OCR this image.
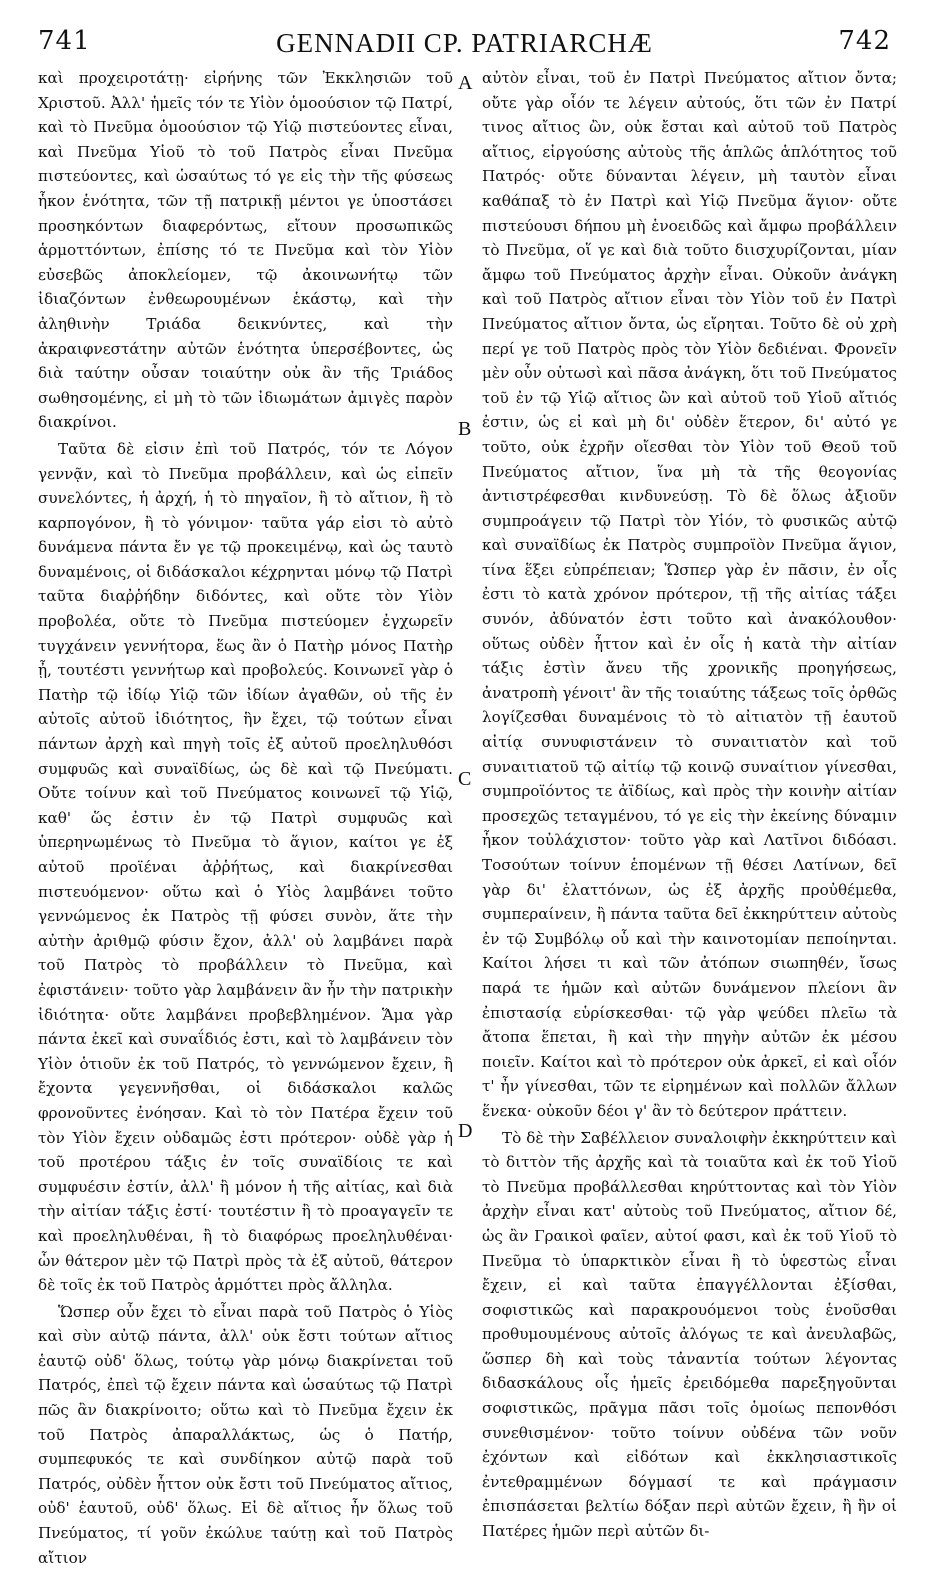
741	GENNADII CP. PATRIARCHÆ	742

καὶ προχειροτάτῃ· εἰρήνης τῶν Ἐκκλησιῶν τοῦ Χριστοῦ. Ἀλλ' ἡμεῖς τόν τε Υἱὸν ὁμοούσιον τῷ Πατρί, καὶ τὸ Πνεῦμα ὁμοούσιον τῷ Υἱῷ πιστεύοντες εἶναι, καὶ Πνεῦμα Υἱοῦ τὸ τοῦ Πατρὸς εἶναι Πνεῦμα πιστεύοντες, καὶ ὡσαύτως τό γε εἰς τὴν τῆς φύσεως ἧκον ἑνότητα, τῶν τῇ πατρικῇ μέντοι γε ὑποστάσει προσηκόντων διαφερόντως, εἴτουν προσωπικῶς ἁρμοττόντων, ἐπίσης τό τε Πνεῦμα καὶ τὸν Υἱὸν εὐσεβῶς ἀποκλείομεν, τῷ ἀκοινωνήτῳ τῶν ἰδιαζόντων ἐνθεωρουμένων ἑκάστῳ, καὶ τὴν ἀληθινὴν Τριάδα δεικνύντες, καὶ τὴν ἀκραιφνεστάτην αὐτῶν ἑνότητα ὑπερσέβοντες, ὡς διὰ ταύτην οὖσαν τοιαύτην οὐκ ἂν τῆς Τριάδος σωθησομένης, εἰ μὴ τὸ τῶν ἰδιωμάτων ἀμιγὲς παρὸν διακρίνοι.

Ταῦτα δὲ εἰσιν ἐπὶ τοῦ Πατρός, τόν τε Λόγον γεννᾷν, καὶ τὸ Πνεῦμα προβάλλειν, καὶ ὡς εἰπεῖν συνελόντες, ἡ ἀρχή, ἡ τὸ πηγαῖον, ἢ τὸ αἴτιον, ἢ τὸ καρπογόνον, ἢ τὸ γόνιμον· ταῦτα γάρ εἰσι τὸ αὐτὸ δυνάμενα πάντα ἔν γε τῷ προκειμένῳ, καὶ ὡς ταυτὸ δυναμένοις, οἱ διδάσκαλοι κέχρηνται μόνῳ τῷ Πατρὶ ταῦτα διαῤῥήδην διδόντες, καὶ οὔτε τὸν Υἱὸν προβολέα, οὔτε τὸ Πνεῦμα πιστεύομεν ἐγχωρεῖν τυγχάνειν γεννήτορα, ἕως ἂν ὁ Πατὴρ μόνος Πατὴρ ᾖ, τουτέστι γεννήτωρ καὶ προβολεύς. Κοινωνεῖ γὰρ ὁ Πατὴρ τῷ ἰδίῳ Υἱῷ τῶν ἰδίων ἀγαθῶν, οὐ τῆς ἐν αὐτοῖς αὐτοῦ ἰδιότητος, ἣν ἔχει, τῷ τούτων εἶναι πάντων ἀρχὴ καὶ πηγὴ τοῖς ἐξ αὐτοῦ προεληλυθόσι συμφυῶς καὶ συναϊδίως, ὡς δὲ καὶ τῷ Πνεύματι. Οὔτε τοίνυν καὶ τοῦ Πνεύματος κοινωνεῖ τῷ Υἱῷ, καθ' ὥς ἐστιν ἐν τῷ Πατρὶ συμφυῶς καὶ ὑπερηνωμένως τὸ Πνεῦμα τὸ ἅγιον, καίτοι γε ἐξ αὐτοῦ προϊέναι ἀῤῥήτως, καὶ διακρίνεσθαι πιστευόμενον· οὕτω καὶ ὁ Υἱὸς λαμβάνει τοῦτο γεννώμενος ἐκ Πατρὸς τῇ φύσει συνὸν, ἅτε τὴν αὐτὴν ἀριθμῷ φύσιν ἔχον, ἀλλ' οὐ λαμβάνει παρὰ τοῦ Πατρὸς τὸ προβάλλειν τὸ Πνεῦμα, καὶ ἐφιστάνειν· τοῦτο γὰρ λαμβάνειν ἂν ἦν τὴν πατρικὴν ἰδιότητα· οὔτε λαμβάνει προβεβλημένον. Ἅμα γὰρ πάντα ἐκεῖ καὶ συναΐδιός ἐστι, καὶ τὸ λαμβάνειν τὸν Υἱὸν ὁτιοῦν ἐκ τοῦ Πατρός, τὸ γεννώμενον ἔχειν, ἢ ἔχοντα γεγεννῆσθαι, οἱ διδάσκαλοι καλῶς φρονοῦντες ἐνόησαν. Καὶ τὸ τὸν Πατέρα ἔχειν τοῦ τὸν Υἱὸν ἔχειν οὐδαμῶς ἐστι πρότερον· οὐδὲ γὰρ ἡ τοῦ προτέρου τάξις ἐν τοῖς συναϊδίοις τε καὶ συμφυέσιν ἐστίν, ἀλλ' ἢ μόνον ἡ τῆς αἰτίας, καὶ διὰ τὴν αἰτίαν τάξις ἐστί· τουτέστιν ἢ τὸ προαγαγεῖν τε καὶ προεληλυθέναι, ἢ τὸ διαφόρως προεληλυθέναι· ὧν θάτερον μὲν τῷ Πατρὶ πρὸς τὰ ἐξ αὐτοῦ, θάτερον δὲ τοῖς ἐκ τοῦ Πατρὸς ἁρμόττει πρὸς ἄλληλα.

Ὥσπερ οὖν ἔχει τὸ εἶναι παρὰ τοῦ Πατρὸς ὁ Υἱὸς καὶ σὺν αὐτῷ πάντα, ἀλλ' οὐκ ἔστι τούτων αἴτιος ἑαυτῷ οὐδ' ὅλως, τούτῳ γὰρ μόνῳ διακρίνεται τοῦ Πατρός, ἐπεὶ τῷ ἔχειν πάντα καὶ ὡσαύτως τῷ Πατρὶ πῶς ἂν διακρίνοιτο; οὕτω καὶ τὸ Πνεῦμα ἔχειν ἐκ τοῦ Πατρὸς ἀπαραλλάκτως, ὡς ὁ Πατήρ, συμπεφυκός τε καὶ συνδίηκον αὐτῷ παρὰ τοῦ Πατρός, οὐδὲν ἧττον οὐκ ἔστι τοῦ Πνεύματος αἴτιος, οὐδ' ἑαυτοῦ, οὐδ' ὅλως. Εἰ δὲ αἴτιος ἦν ὅλως τοῦ Πνεύματος, τί γοῦν ἐκώλυε ταύτῃ καὶ τοῦ Πατρὸς αἴτιον

A
B
C
D

αὐτὸν εἶναι, τοῦ ἐν Πατρὶ Πνεύματος αἴτιον ὄντα; οὔτε γὰρ οἷόν τε λέγειν αὐτούς, ὅτι τῶν ἐν Πατρί τινος αἴτιος ὢν, οὐκ ἔσται καὶ αὐτοῦ τοῦ Πατρὸς αἴτιος, εἰργούσης αὐτοὺς τῆς ἁπλῶς ἁπλότητος τοῦ Πατρός· οὔτε δύνανται λέγειν, μὴ ταυτὸν εἶναι καθάπαξ τὸ ἐν Πατρὶ καὶ Υἱῷ Πνεῦμα ἅγιον· οὔτε πιστεύουσι δήπου μὴ ἑνοειδῶς καὶ ἄμφω προβάλλειν τὸ Πνεῦμα, οἵ γε καὶ διὰ τοῦτο διισχυρίζονται, μίαν ἄμφω τοῦ Πνεύματος ἀρχὴν εἶναι. Οὐκοῦν ἀνάγκη καὶ τοῦ Πατρὸς αἴτιον εἶναι τὸν Υἱὸν τοῦ ἐν Πατρὶ Πνεύματος αἴτιον ὄντα, ὡς εἴρηται. Τοῦτο δὲ οὐ χρὴ περί γε τοῦ Πατρὸς πρὸς τὸν Υἱὸν δεδιέναι. Φρονεῖν μὲν οὖν οὑτωσὶ καὶ πᾶσα ἀνάγκη, ὅτι τοῦ Πνεύματος τοῦ ἐν τῷ Υἱῷ αἴτιος ὢν καὶ αὐτοῦ τοῦ Υἱοῦ αἴτιός ἐστιν, ὡς εἰ καὶ μὴ δι' οὐδὲν ἕτερον, δι' αὐτό γε τοῦτο, οὐκ ἐχρῆν οἴεσθαι τὸν Υἱὸν τοῦ Θεοῦ τοῦ Πνεύματος αἴτιον, ἵνα μὴ τὰ τῆς θεογονίας ἀντιστρέφεσθαι κινδυνεύσῃ. Τὸ δὲ ὅλως ἀξιοῦν συμπροάγειν τῷ Πατρὶ τὸν Υἱόν, τὸ φυσικῶς αὐτῷ καὶ συναϊδίως ἐκ Πατρὸς συμπροϊὸν Πνεῦμα ἅγιον, τίνα ἕξει εὐπρέπειαν; Ὥσπερ γὰρ ἐν πᾶσιν, ἐν οἷς ἐστι τὸ κατὰ χρόνον πρότερον, τῇ τῆς αἰτίας τάξει συνόν, ἀδύνατόν ἐστι τοῦτο καὶ ἀνακόλουθον· οὕτως οὐδὲν ἧττον καὶ ἐν οἷς ἡ κατὰ τὴν αἰτίαν τάξις ἐστὶν ἄνευ τῆς χρονικῆς προηγήσεως, ἀνατροπὴ γένοιτ' ἂν τῆς τοιαύτης τάξεως τοῖς ὀρθῶς λογίζεσθαι δυναμένοις τὸ τὸ αἰτιατὸν τῇ ἑαυτοῦ αἰτίᾳ συνυφιστάνειν τὸ συναιτιατὸν καὶ τοῦ συναιτιατοῦ τῷ αἰτίῳ τῷ κοινῷ συναίτιον γίνεσθαι, συμπροϊόντος τε ἀϊδίως, καὶ πρὸς τὴν κοινὴν αἰτίαν προσεχῶς τεταγμένου, τό γε εἰς τὴν ἐκείνης δύναμιν ἧκον τοὐλάχιστον· τοῦτο γὰρ καὶ Λατῖνοι διδόασι. Τοσούτων τοίνυν ἑπομένων τῇ θέσει Λατίνων, δεῖ γὰρ δι' ἐλαττόνων, ὡς ἐξ ἀρχῆς προὐθέμεθα, συμπεραίνειν, ἢ πάντα ταῦτα δεῖ ἐκκηρύττειν αὐτοὺς ἐν τῷ Συμβόλῳ οὗ καὶ τὴν καινοτομίαν πεποίηνται. Καίτοι λήσει τι καὶ τῶν ἀτόπων σιωπηθέν, ἴσως παρά τε ἡμῶν καὶ αὐτῶν δυνάμενον πλείονι ἂν ἐπιστασίᾳ εὑρίσκεσθαι· τῷ γὰρ ψεύδει πλεῖω τὰ ἄτοπα ἕπεται, ἢ καὶ τὴν πηγὴν αὐτῶν ἐκ μέσου ποιεῖν. Καίτοι καὶ τὸ πρότερον οὐκ ἀρκεῖ, εἰ καὶ οἷόν τ' ἦν γίνεσθαι, τῶν τε εἰρημένων καὶ πολλῶν ἄλλων ἕνεκα· οὐκοῦν δέοι γ' ἂν τὸ δεύτερον πράττειν.

Τὸ δὲ τὴν Σαβέλλειον συναλοιφὴν ἐκκηρύττειν καὶ τὸ διττὸν τῆς ἀρχῆς καὶ τὰ τοιαῦτα καὶ ἐκ τοῦ Υἱοῦ τὸ Πνεῦμα προβάλλεσθαι κηρύττοντας καὶ τὸν Υἱὸν ἀρχὴν εἶναι κατ' αὐτοὺς τοῦ Πνεύματος, αἴτιον δέ, ὡς ἂν Γραικοὶ φαῖεν, αὐτοί φασι, καὶ ἐκ τοῦ Υἱοῦ τὸ Πνεῦμα τὸ ὑπαρκτικὸν εἶναι ἢ τὸ ὑφεστὼς εἶναι ἔχειν, εἰ καὶ ταῦτα ἐπαγγέλλονται ἐξίσθαι, σοφιστικῶς καὶ παρακρουόμενοι τοὺς ἑνοῦσθαι προθυμουμένους αὐτοῖς ἀλόγως τε καὶ ἀνευλαβῶς, ὥσπερ δὴ καὶ τοὺς τἀναντία τούτων λέγοντας διδασκάλους οἷς ἡμεῖς ἐρειδόμεθα παρεξηγοῦνται σοφιστικῶς, πρᾶγμα πᾶσι τοῖς ὁμοίως πεπονθόσι συνεθισμένον· τοῦτο τοίνυν οὐδένα τῶν νοῦν ἐχόντων καὶ εἰδότων καὶ ἐκκλησιαστικοῖς ἐντεθραμμένων δόγμασί τε καὶ πράγμασιν ἐπισπάσεται βελτίω δόξαν περὶ αὐτῶν ἔχειν, ἢ ἣν οἱ Πατέρες ἡμῶν περὶ αὐτῶν δι-
